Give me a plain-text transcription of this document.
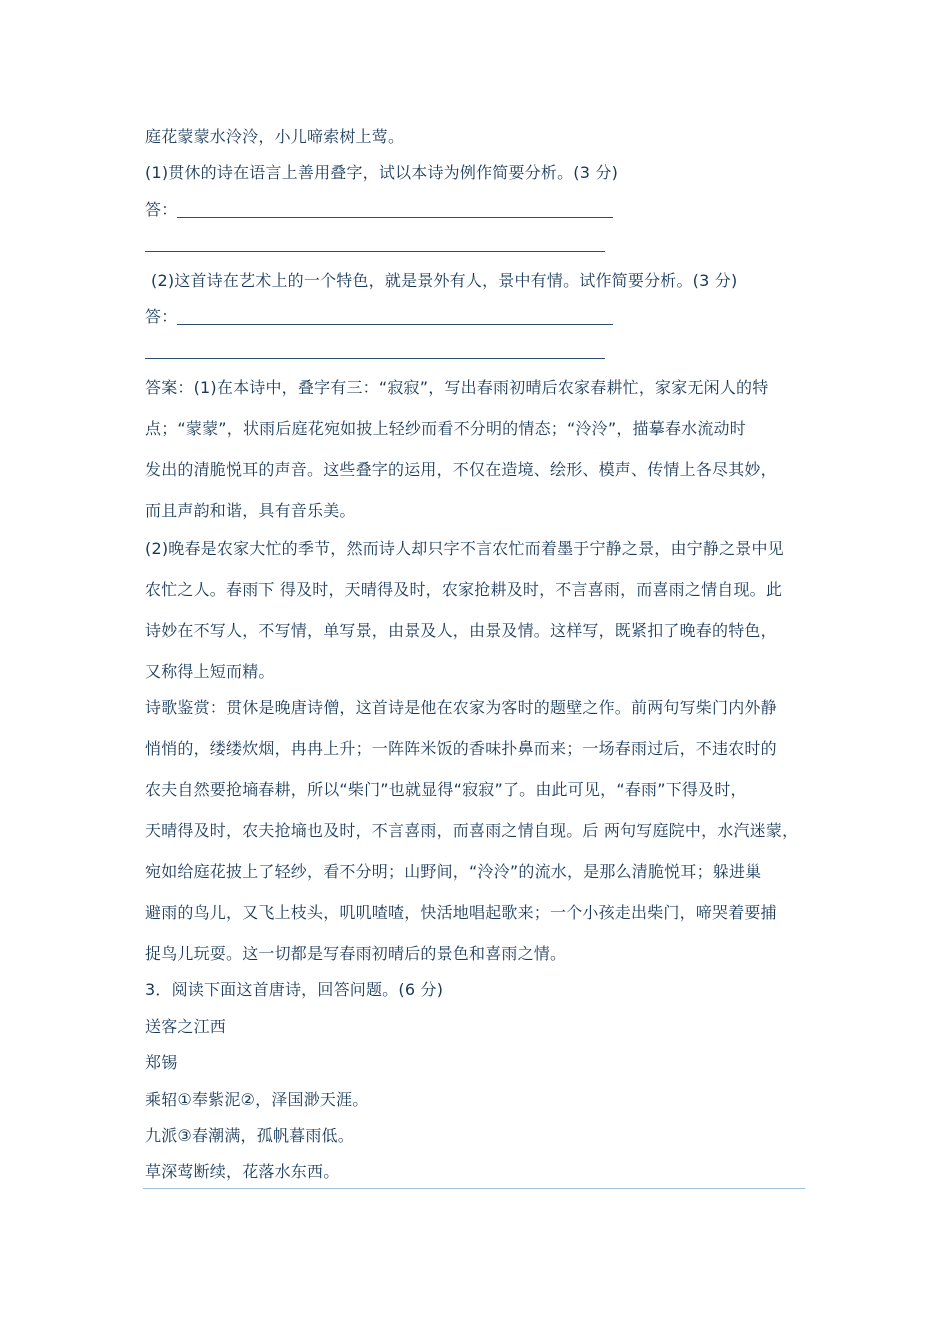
庭花蒙蒙水泠泠，小儿啼索树上莺。
(1)贯休的诗在语言上善用叠字，试以本诗为例作简要分析。(3 分)
答：
(2)这首诗在艺术上的一个特色，就是景外有人，景中有情。试作简要分析。(3 分)
答：
答案：(1)在本诗中，叠字有三：“寂寂”，写出春雨初晴后农家春耕忙，家家无闲人的特
点；“蒙蒙”，状雨后庭花宛如披上轻纱而看不分明的情态；“泠泠”，描摹春水流动时
发出的清脆悦耳的声音。这些叠字的运用，不仅在造境、绘形、模声、传情上各尽其妙，
而且声韵和谐，具有音乐美。
(2)晚春是农家大忙的季节，然而诗人却只字不言农忙而着墨于宁静之景，由宁静之景中见
农忙之人。春雨下 得及时，天晴得及时，农家抢耕及时，不言喜雨，而喜雨之情自现。此
诗妙在不写人，不写情，单写景，由景及人，由景及情。这样写，既紧扣了晚春的特色，
又称得上短而精。
诗歌鉴赏：贯休是晚唐诗僧，这首诗是他在农家为客时的题壁之作。前两句写柴门内外静
悄悄的，缕缕炊烟，冉冉上升；一阵阵米饭的香味扑鼻而来；一场春雨过后，不违农时的
农夫自然要抢墒春耕，所以“柴门”也就显得“寂寂”了。由此可见，“春雨”下得及时，
天晴得及时，农夫抢墒也及时，不言喜雨，而喜雨之情自现。后 两句写庭院中，水汽迷蒙，
宛如给庭花披上了轻纱，看不分明；山野间，“泠泠”的流水，是那么清脆悦耳；躲进巢
避雨的鸟儿，又飞上枝头，叽叽喳喳，快活地唱起歌来；一个小孩走出柴门，啼哭着要捕
捉鸟儿玩耍。这一切都是写春雨初晴后的景色和喜雨之情。
3．阅读下面这首唐诗，回答问题。(6 分)
送客之江西
郑锡
乘轺①奉紫泥②，泽国渺天涯。
九派③春潮满，孤帆暮雨低。
草深莺断续，花落水东西。
